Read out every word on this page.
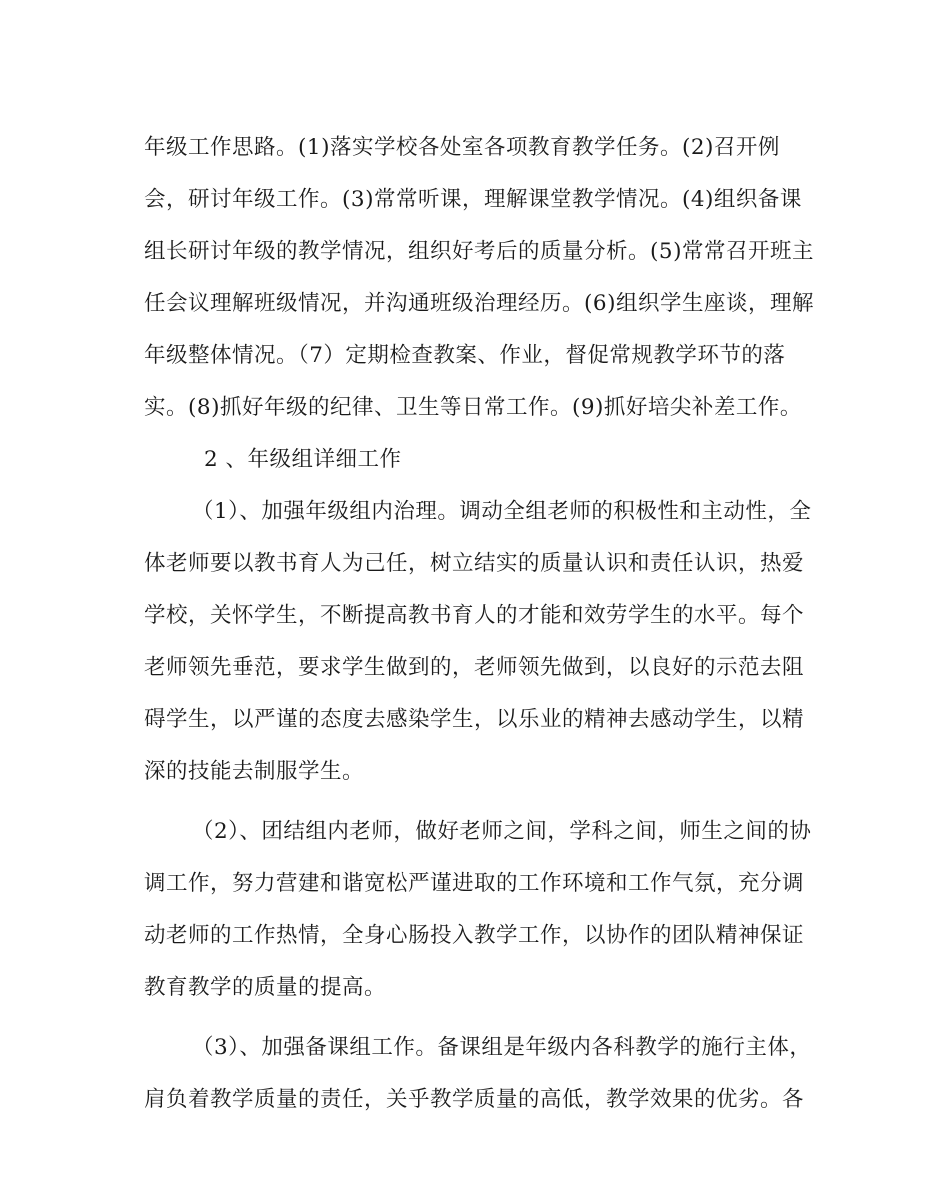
年级工作思路。(1)落实学校各处室各项教育教学任务。(2)召开例
会，研讨年级工作。(3)常常听课，理解课堂教学情况。(4)组织备课
组长研讨年级的教学情况，组织好考后的质量分析。(5)常常召开班主
任会议理解班级情况，并沟通班级治理经历。(6)组织学生座谈，理解
年级整体情况。（7）定期检查教案、作业，督促常规教学环节的落
实。(8)抓好年级的纪律、卫生等日常工作。(9)抓好培尖补差工作。
2 、年级组详细工作
（1）、加强年级组内治理。调动全组老师的积极性和主动性，全
体老师要以教书育人为己任，树立结实的质量认识和责任认识，热爱
学校，关怀学生，不断提高教书育人的才能和效劳学生的水平。每个
老师领先垂范，要求学生做到的，老师领先做到，以良好的示范去阻
碍学生，以严谨的态度去感染学生，以乐业的精神去感动学生，以精
深的技能去制服学生。
（2）、团结组内老师，做好老师之间，学科之间，师生之间的协
调工作，努力营建和谐宽松严谨进取的工作环境和工作气氛，充分调
动老师的工作热情，全身心肠投入教学工作，以协作的团队精神保证
教育教学的质量的提高。
（3）、加强备课组工作。备课组是年级内各科教学的施行主体，
肩负着教学质量的责任，关乎教学质量的高低，教学效果的优劣。各
